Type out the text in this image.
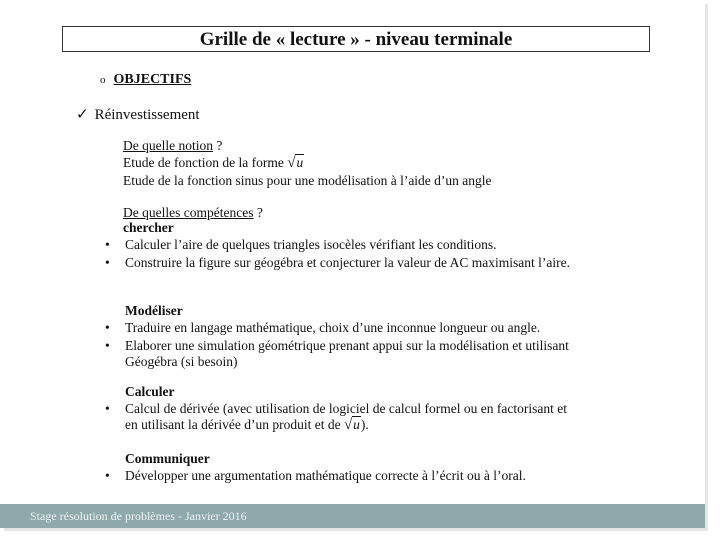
Grille de « lecture » - niveau terminale
o OBJECTIFS
✓ Réinvestissement
De quelle notion ?
Etude de fonction de la forme √u
Etude de la fonction sinus pour une modélisation à l’aide d’un angle
De quelles compétences ?
chercher
• Calculer l’aire de quelques triangles isocèles vérifiant les conditions.
• Construire la figure sur géogébra et conjecturer la valeur de AC maximisant l’aire.
Modéliser
• Traduire en langage mathématique, choix d’une inconnue longueur ou angle.
• Elaborer une simulation géométrique prenant appui sur la modélisation et utilisant Géogébra (si besoin)
Calculer
• Calcul de dérivée (avec utilisation de logiciel de calcul formel ou en factorisant et en utilisant la dérivée d’un produit et de √u).
Communiquer
• Développer une argumentation mathématique correcte à l’écrit ou à l’oral.
Stage résolution de problèmes - Janvier 2016
